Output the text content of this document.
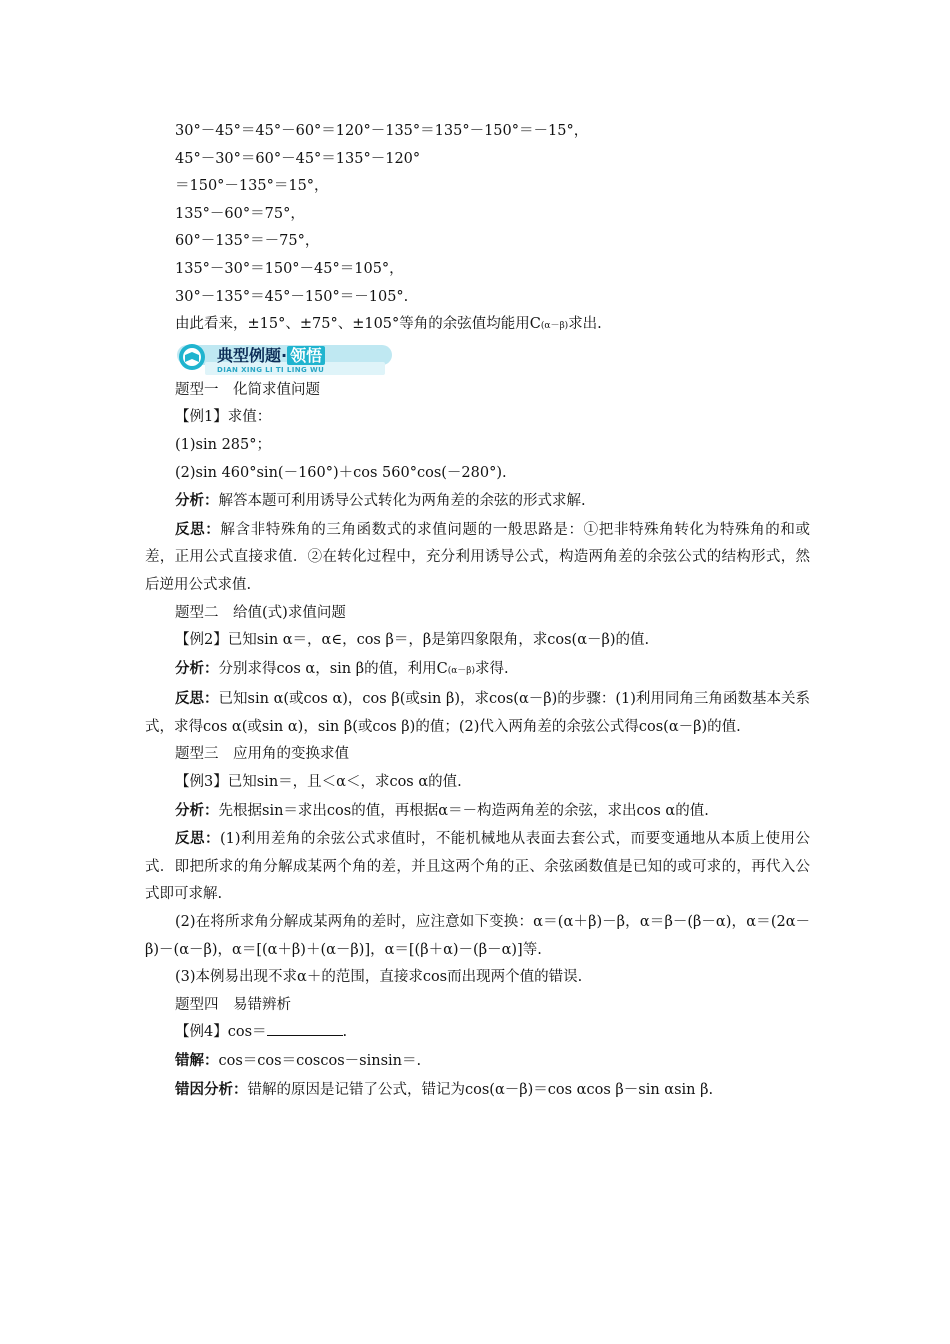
30°－45°＝45°－60°＝120°－135°＝135°－150°＝－15°，
45°－30°＝60°－45°＝135°－120°
＝150°－135°＝15°，
135°－60°＝75°，
60°－135°＝－75°，
135°－30°＝150°－45°＝105°，
30°－135°＝45°－150°＝－105°.
由此看来，±15°、±75°、±105°等角的余弦值均能用C(α－β)求出.
典型例题· 领悟
DIAN XING LI TI LING WU
题型一　化简求值问题
【例1】求值：
(1)sin 285°；
(2)sin 460°sin(－160°)＋cos 560°cos(－280°).
分析：解答本题可利用诱导公式转化为两角差的余弦的形式求解.
反思：解含非特殊角的三角函数式的求值问题的一般思路是：①把非特殊角转化为特殊角的和或差，正用公式直接求值．②在转化过程中，充分利用诱导公式，构造两角差的余弦公式的结构形式，然后逆用公式求值.
题型二　给值(式)求值问题
【例2】已知sin α＝，α∈，cos β＝，β是第四象限角，求cos(α－β)的值.
分析：分别求得cos α，sin β的值，利用C(α－β)求得.
反思：已知sin α(或cos α)，cos β(或sin β)，求cos(α－β)的步骤：(1)利用同角三角函数基本关系式，求得cos α(或sin α)，sin β(或cos β)的值；(2)代入两角差的余弦公式得cos(α－β)的值.
题型三　应用角的变换求值
【例3】已知sin＝，且＜α＜，求cos α的值.
分析：先根据sin＝求出cos的值，再根据α＝－构造两角差的余弦，求出cos α的值.
反思：(1)利用差角的余弦公式求值时，不能机械地从表面去套公式，而要变通地从本质上使用公式．即把所求的角分解成某两个角的差，并且这两个角的正、余弦函数值是已知的或可求的，再代入公式即可求解.
(2)在将所求角分解成某两角的差时，应注意如下变换：α＝(α＋β)－β，α＝β－(β－α)，α＝(2α－β)－(α－β)，α＝[(α＋β)＋(α－β)]，α＝[(β＋α)－(β－α)]等.
(3)本例易出现不求α＋的范围，直接求cos而出现两个值的错误.
题型四　易错辨析
【例4】cos＝	.
错解：cos＝cos＝coscos－sinsin＝.
错因分析：错解的原因是记错了公式，错记为cos(α－β)＝cos αcos β－sin αsin β.
